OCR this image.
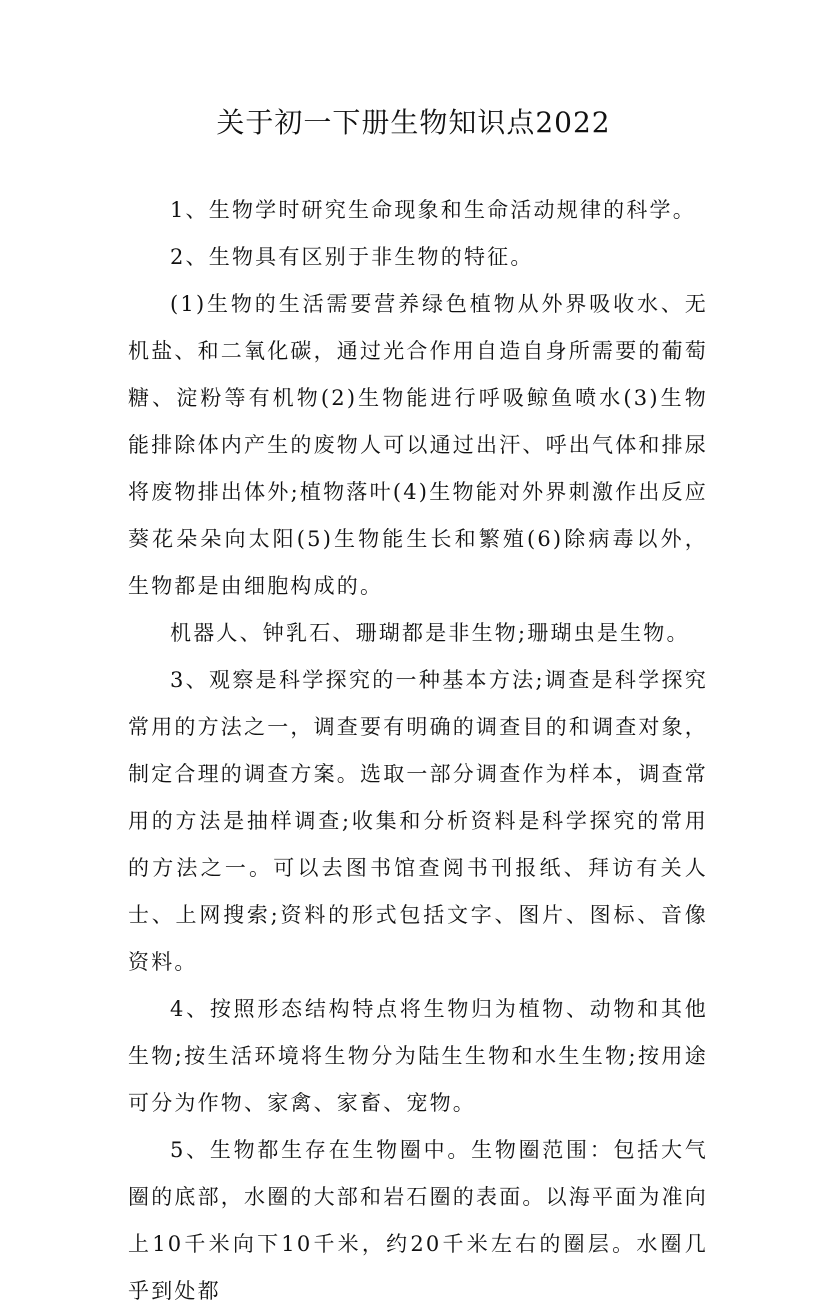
关于初一下册生物知识点2022

1、生物学时研究生命现象和生命活动规律的科学。

2、生物具有区别于非生物的特征。

(1)生物的生活需要营养绿色植物从外界吸收水、无机盐、和二氧化碳，通过光合作用自造自身所需要的葡萄糖、淀粉等有机物(2)生物能进行呼吸鲸鱼喷水(3)生物能排除体内产生的废物人可以通过出汗、呼出气体和排尿将废物排出体外;植物落叶(4)生物能对外界刺激作出反应葵花朵朵向太阳(5)生物能生长和繁殖(6)除病毒以外，生物都是由细胞构成的。

机器人、钟乳石、珊瑚都是非生物;珊瑚虫是生物。

3、观察是科学探究的一种基本方法;调查是科学探究常用的方法之一，调查要有明确的调查目的和调查对象，制定合理的调查方案。选取一部分调查作为样本，调查常用的方法是抽样调查;收集和分析资料是科学探究的常用的方法之一。可以去图书馆查阅书刊报纸、拜访有关人士、上网搜索;资料的形式包括文字、图片、图标、音像资料。

4、按照形态结构特点将生物归为植物、动物和其他生物;按生活环境将生物分为陆生生物和水生生物;按用途可分为作物、家禽、家畜、宠物。

5、生物都生存在生物圈中。生物圈范围：包括大气圈的底部，水圈的大部和岩石圈的表面。以海平面为准向上10千米向下10千米，约20千米左右的圈层。水圈几乎到处都
